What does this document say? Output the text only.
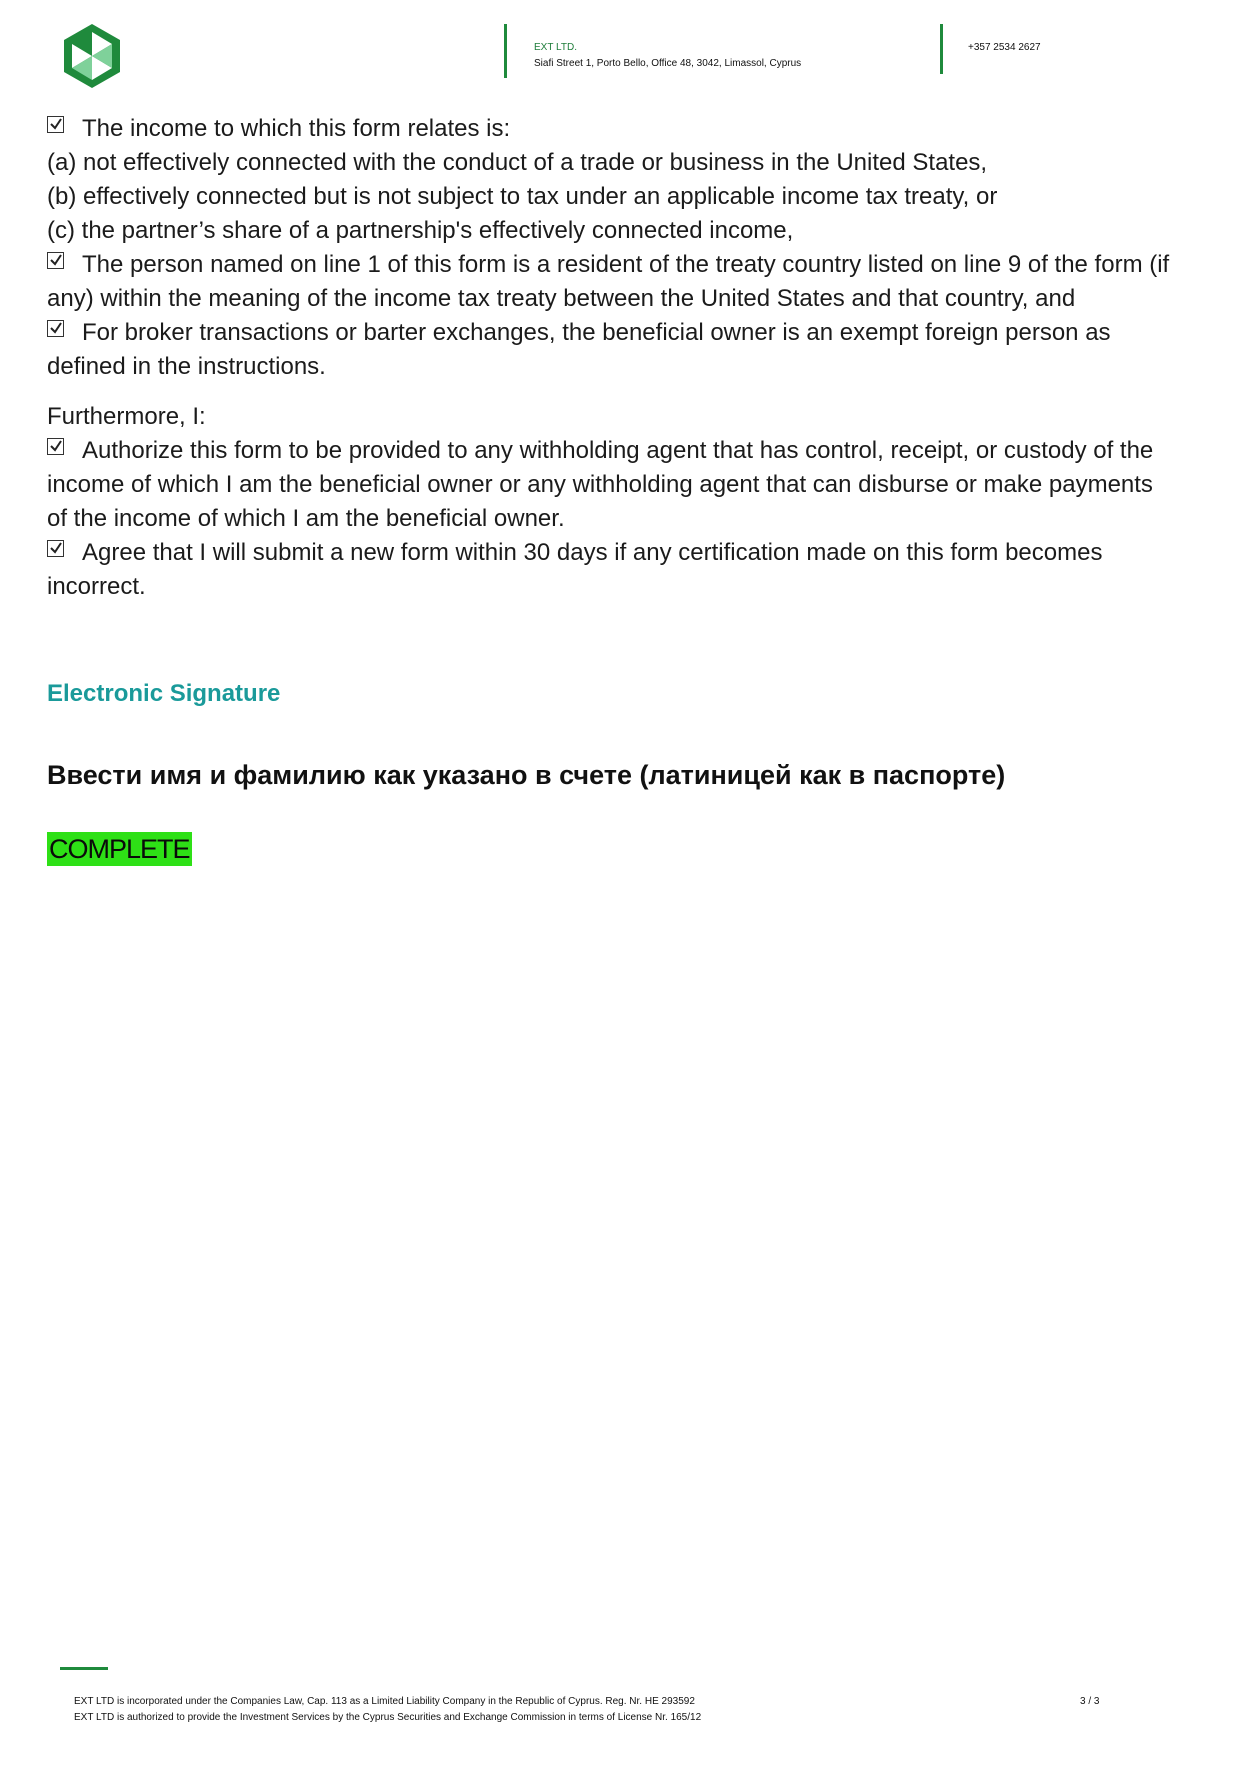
EXT LTD.
Siafi Street 1, Porto Bello, Office 48, 3042, Limassol, Cyprus
+357 2534 2627

The income to which this form relates is:

(a) not effectively connected with the conduct of a trade or business in the United States,

(b) effectively connected but is not subject to tax under an applicable income tax treaty, or

(c) the partner’s share of a partnership's effectively connected income,

The person named on line 1 of this form is a resident of the treaty country listed on line 9 of the form (if any) within the meaning of the income tax treaty between the United States and that country, and

For broker transactions or barter exchanges, the beneficial owner is an exempt foreign person as defined in the instructions.

Furthermore, I:

Authorize this form to be provided to any withholding agent that has control, receipt, or custody of the income of which I am the beneficial owner or any withholding agent that can disburse or make payments of the income of which I am the beneficial owner.

Agree that I will submit a new form within 30 days if any certification made on this form becomes incorrect.

Electronic Signature
Ввести имя и фамилию как указано в счете (латиницей как в паспорте)
COMPLETE
EXT LTD is incorporated under the Companies Law, Cap. 113 as a Limited Liability Company in the Republic of Cyprus. Reg. Nr. HE 293592
EXT LTD is authorized to provide the Investment Services by the Cyprus Securities and Exchange Commission in terms of License Nr. 165/12
3 / 3
